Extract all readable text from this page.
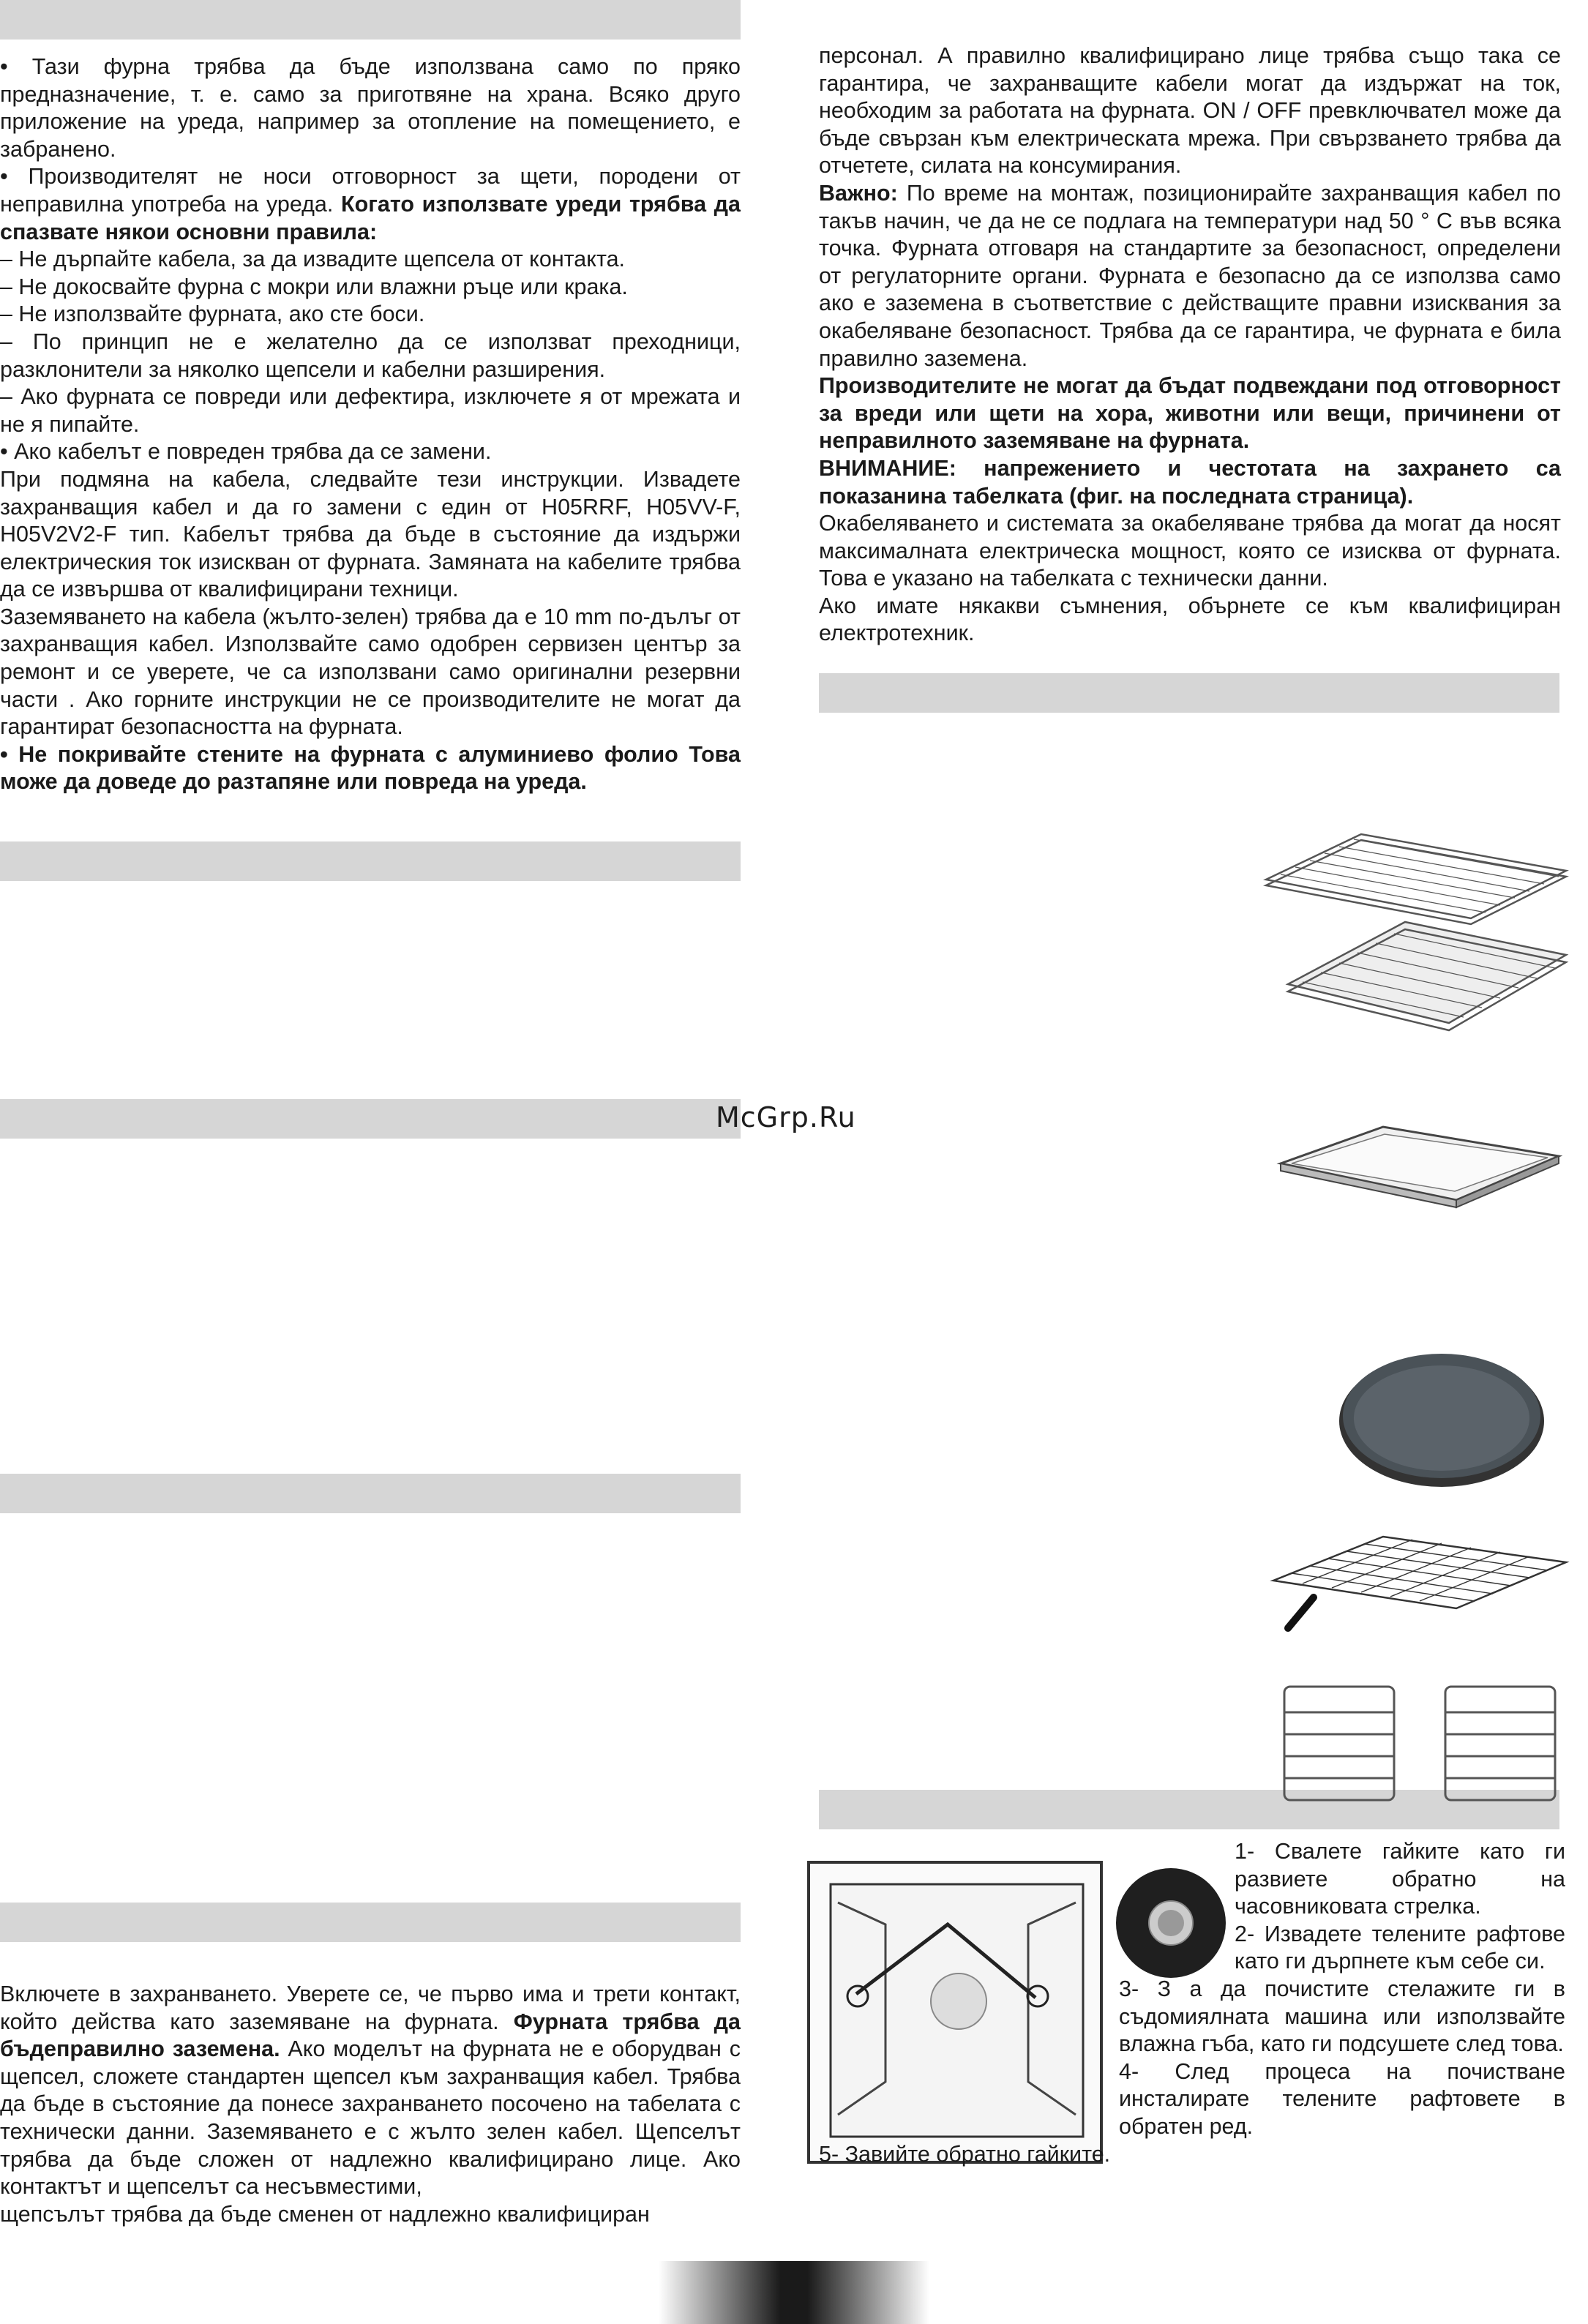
• Тази фурна трябва да бъде използвана само по пряко предназначение, т. е. само за приготвяне на храна. Всяко друго приложение на уреда, например за отопление на помещението, е забранено.

• Производителят не носи отговорност за щети, породени от неправилна употреба на уреда. Когато използвате уреди трябва да спазвате някои основни правила:

– Не дърпайте кабела, за да извадите щепсела от контакта.

– Не докосвайте фурна с мокри или влажни ръце или крака.

– Не използвайте фурната, ако сте боси.

– По принцип не е желателно да се използват преходници, разклонители за няколко щепсели и кабелни разширения.

– Ако фурната се повреди или дефектира, изключете я от мрежата и не я пипайте.

• Ако кабелът е повреден трябва да се замени.

При подмяна на кабела, следвайте тези инструкции. Извадете захранващия кабел и да го замени с един от H05RRF, H05VV-F, H05V2V2-F тип. Кабелът трябва да бъде в състояние да издържи електрическия ток изискван от фурната. Замяната на кабелите трябва да се извършва от квалифицирани техници.

Заземяването на кабела (жълто-зелен) трябва да е 10 mm по-дълъг от захранващия кабел. Използвайте само одобрен сервизен център за ремонт и се уверете, че са използвани само оригинални резервни части . Ако горните инструкции не се производителите не могат да гарантират безопасността на фурната.

• Не покривайте стените на фурната с алуминиево фолио Това може да доведе до разтапяне или повреда на уреда.

персонал. А правилно квалифицирано лице трябва също така се гарантира, че захранващите кабели могат да издържат на ток, необходим за работата на фурната. ON / OFF превключвател може да бъде свързан към електрическата мрежа. При свързването трябва да отчетете, силата на консумирания.

Важно: По време на монтаж, позиционирайте захранващия кабел по такъв начин, че да не се подлага на температури над 50 ° С във всяка точка. Фурната отговаря на стандартите за безопасност, определени от регулаторните органи. Фурната е безопасно да се използва само ако е заземена в съответствие с действащите правни изисквания за окабеляване безопасност. Трябва да се гарантира, че фурната е била правилно заземена.

Производителите не могат да бъдат подвеждани под отговорност за вреди или щети на хора, животни или вещи, причинени от неправилното заземяване на фурната.

ВНИМАНИЕ: напрежението и честотата на захрането са показанина табелката (фиг. на последната страница).

Окабеляването и системата за окабеляване трябва да могат да носят максималната електрическа мощност, която се изисква от фурната. Това е указано на табелката с технически данни.

Ако имате някакви съмнения, обърнете се към квалифициран електротехник.

McGrp.Ru

1- Свалете гайките като ги развиете обратно на часовниковата стрелка.

2- Извадете телените рафтове като ги дърпнете към себе си.

3- З а да почистите стелажите ги в съдомиялната машина или използвайте влажна гъба, като ги подсушете след това.

4- След процеса на почистване инсталирате телените рафтовете в обратен ред.

5- Завийте обратно гайките.

Включете в захранването. Уверете се, че първо има и трети контакт, който действа като заземяване на фурната. Фурната трябва да бъдеправилно заземена. Ако моделът на фурната не е оборудван с щепсел, сложете стандартен щепсел към захранващия кабел. Трябва да бъде в състояние да понесе захранването посочено на табелата с технически данни. Заземяването е с жълто зелен кабел. Щепселът трябва да бъде сложен от надлежно квалифицирано лице. Ако контактът и щепселът са несъвместими,

щепсълът трябва да бъде сменен от надлежно квалифициран
